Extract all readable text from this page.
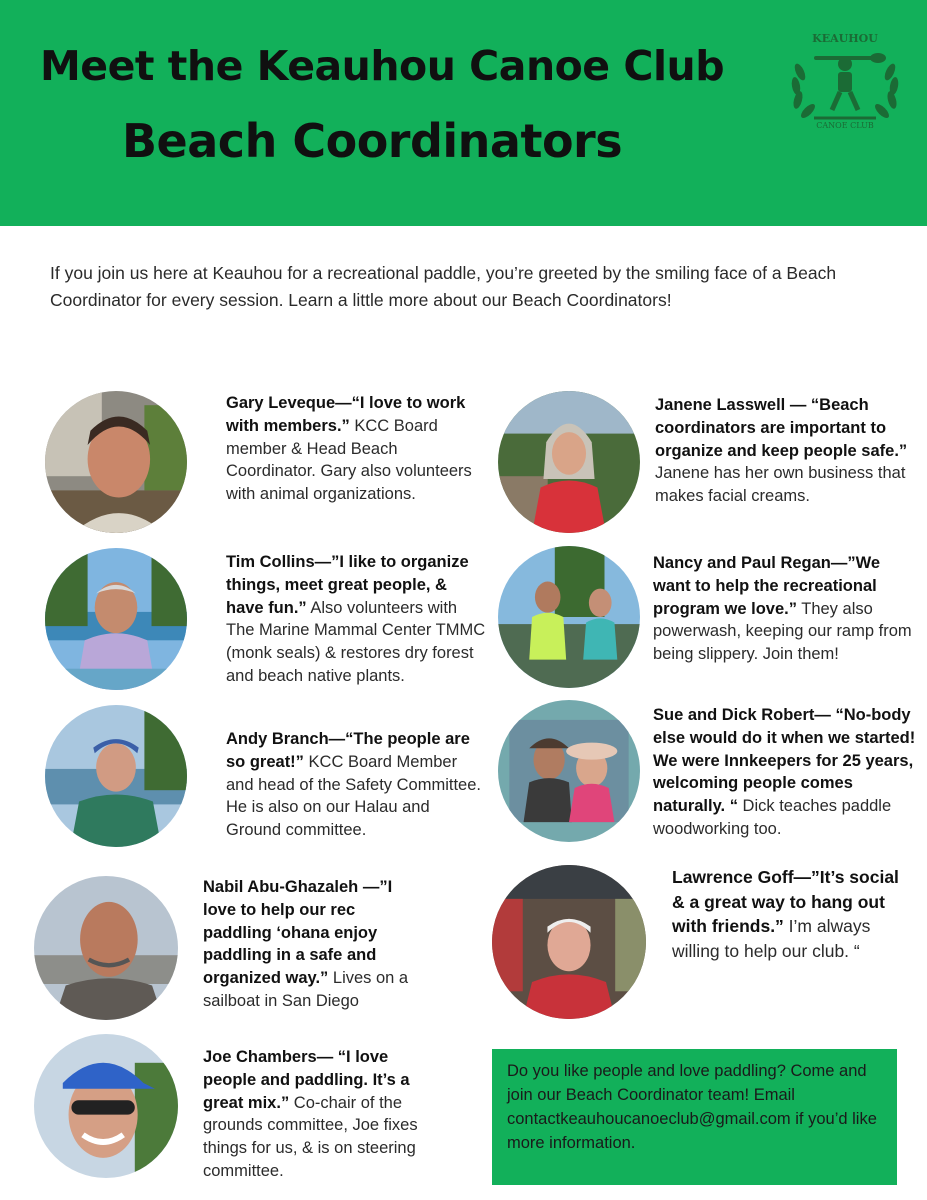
Meet the Keauhou Canoe Club
Beach Coordinators
KEAUHOU
CANOE CLUB
If you join us here at Keauhou for a recreational paddle, you’re greeted by the smiling face of a Beach Coordinator for every session. Learn a little more about our Beach Coordinators!
Gary Leveque—“I love to work with members.” KCC Board member & Head Beach Coordinator. Gary also volunteers with animal organizations.
Janene Lasswell — “Beach coordinators are important to organize and keep people safe.” Janene has her own business that makes facial creams.
Tim Collins—”I like to organize things, meet great people, & have fun.” Also volunteers with The Marine Mammal Center TMMC (monk seals) & restores dry forest and beach native plants.
Nancy and Paul Regan—”We want to help the recreational program we love.” They also powerwash, keeping our ramp from being slippery. Join them!
Andy Branch—“The people are so great!” KCC Board Member and head of the Safety Committee. He is also on our Halau and Ground committee.
Sue and Dick Robert— “No-body else would do it when we started! We were Innkeepers for 25 years, welcoming people comes naturally. “ Dick teaches paddle woodworking too.
Nabil Abu-Ghazaleh —”I love to help our rec paddling ‘ohana enjoy paddling in a safe and organized way.” Lives on a sailboat in San Diego
Lawrence Goff—”It’s social & a great way to hang out with friends.” I’m always willing to help our club. “
Joe Chambers— “I love people and paddling. It’s a great mix.” Co-chair of the grounds committee, Joe fixes things for us, & is on steering committee.
Do you like people and love paddling? Come and join our Beach Coordinator team! Email contactkeauhoucanoeclub@gmail.com if you’d like more information.
